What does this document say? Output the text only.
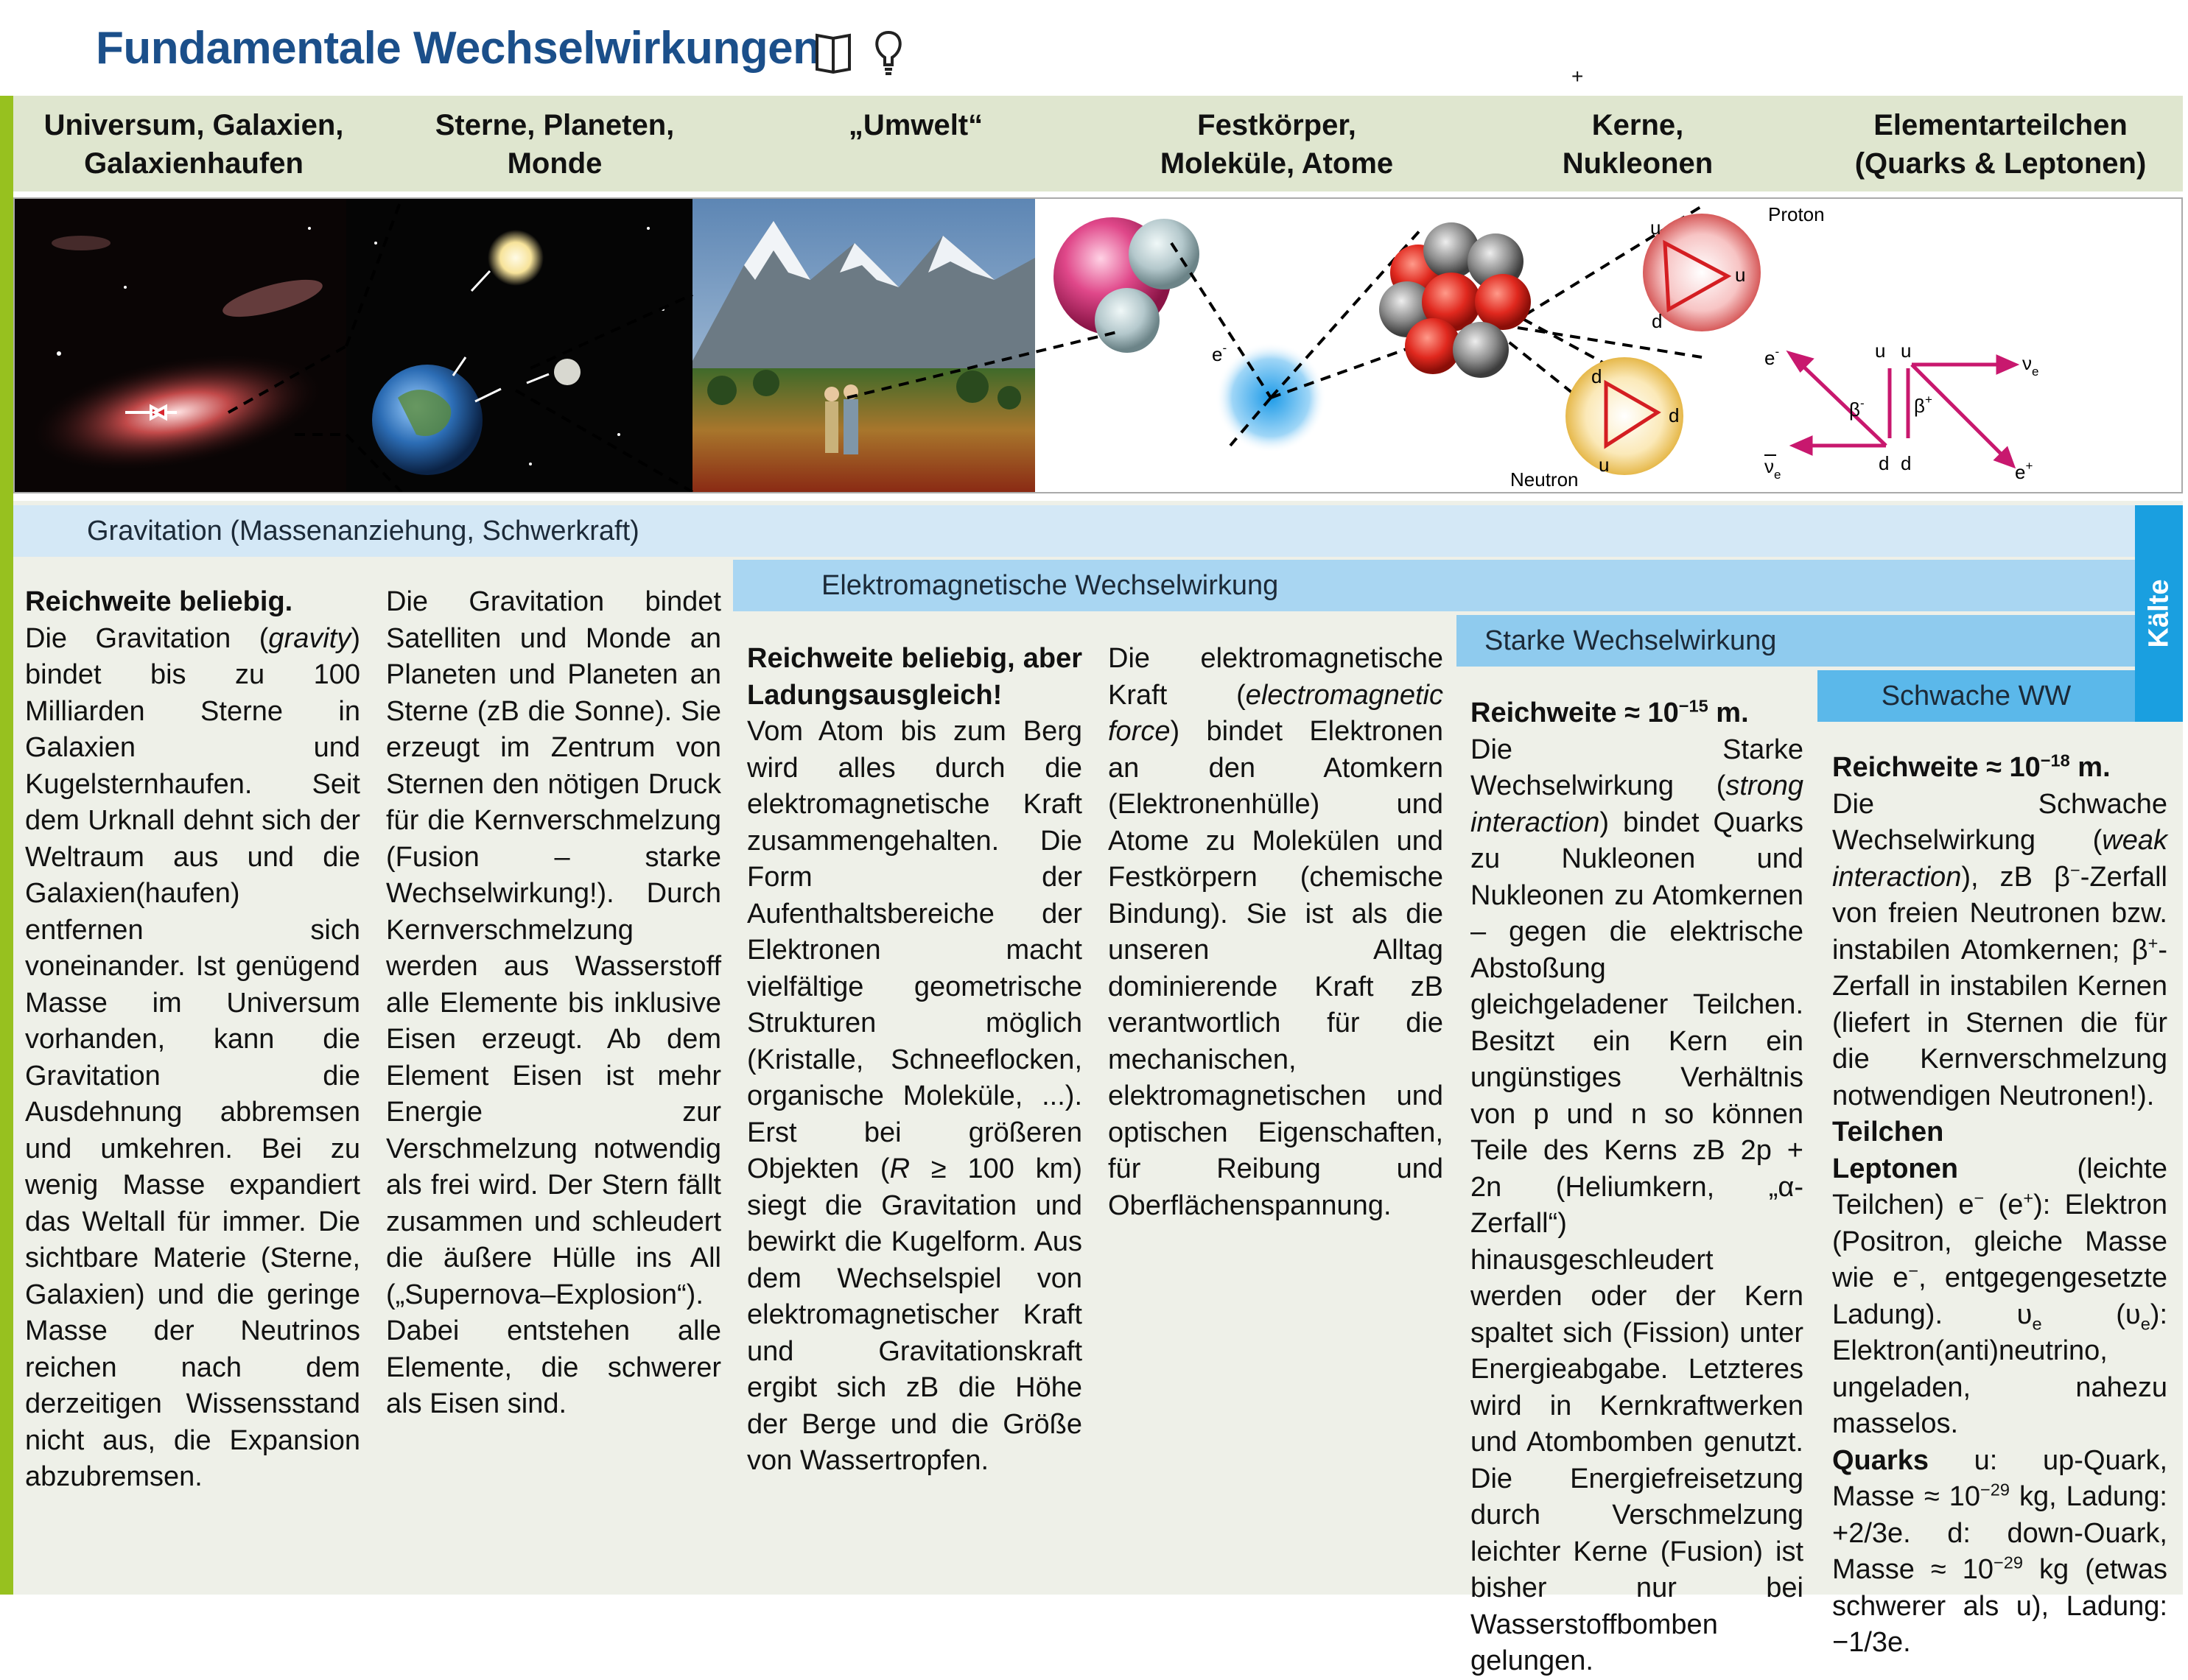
Fundamentale Wechselwirkungen
+
Universum, Galaxien,
Galaxienhaufen
Sterne, Planeten,
Monde
„Umwelt“	Festkörper,
Moleküle, Atome
Kerne,
Nukleonen
Elementarteilchen
(Quarks & Leptonen)
e-
u
u
d
Proton
d
d
u
Neutron
u u
d d
β-	β+
e-
$\nu_e$
$\nu_e$
e+
Gravitation (Massenanziehung, Schwerkraft)
Elektromagnetische Wechselwirkung
Starke Wechselwirkung
Schwache WW
Kälte

Reichweite beliebig.

Die Gravitation (gravity) bindet bis zu 100 Milliarden Sterne in Galaxien und Kugelsternhaufen. Seit dem Urknall dehnt sich der Weltraum aus und die Galaxien(haufen) entfernen sich voneinander. Ist genügend Masse im Universum vorhanden, kann die Gravitation die Ausdehnung abbremsen und umkehren. Bei zu wenig Masse expandiert das Weltall für immer. Die sichtbare Materie (Sterne, Galaxien) und die geringe Masse der Neutrinos reichen nach dem derzeitigen Wissensstand nicht aus, die Expansion abzubremsen.

Die Gravitation bindet Satelliten und Monde an Planeten und Planeten an Sterne (zB die Sonne). Sie erzeugt im Zentrum von Sternen den nötigen Druck für die Kernverschmelzung (Fusion – starke Wechselwirkung!). Durch Kernverschmelzung werden aus Wasserstoff alle Elemente bis inklusive Eisen erzeugt. Ab dem Element Eisen ist mehr Energie zur Verschmelzung notwendig als frei wird. Der Stern fällt zusammen und schleudert die äußere Hülle ins All („Supernova–Explosion“). Dabei entstehen alle Elemente, die schwerer als Eisen sind.

Reichweite beliebig, aber Ladungsausgleich!

Vom Atom bis zum Berg wird alles durch die elektromagnetische Kraft zusammengehalten. Die Form der Aufenthaltsbereiche der Elektronen macht vielfältige geometrische Strukturen möglich (Kristalle, Schneeflocken, organische Moleküle, ...). Erst bei größeren Objekten (R ≥ 100 km) siegt die Gravitation und bewirkt die Kugelform. Aus dem Wechselspiel von elektromagnetischer Kraft und Gravitationskraft ergibt sich zB die Höhe der Berge und die Größe von Wassertropfen.

Die elektromagnetische Kraft (electromagnetic force) bindet Elektronen an den Atomkern (Elektronenhülle) und Atome zu Molekülen und Festkörpern (chemische Bindung). Sie ist als die unseren Alltag dominierende Kraft zB verantwortlich für die mechanischen, elektromagnetischen und optischen Eigenschaften, für Reibung und Oberflächenspannung.

Reichweite ≈ $10^{-15}$ m.

Die Starke Wechselwirkung (strong interaction) bindet Quarks zu Nukleonen und Nukleonen zu Atomkernen – gegen die elektrische Abstoßung gleichgeladener Teilchen. Besitzt ein Kern ein ungünstiges Verhältnis von p und n so können Teile des Kerns zB 2p + 2n (Heliumkern, „α-Zerfall“) hinausgeschleudert werden oder der Kern spaltet sich (Fission) unter Energieabgabe. Letzteres wird in Kernkraftwerken und Atombomben genutzt. Die Energiefreisetzung durch Verschmelzung leichter Kerne (Fusion) ist bisher nur bei Wasserstoffbomben gelungen.

Reichweite ≈ $10^{-18}$ m.

Die Schwache Wechselwirkung (weak interaction), zB β−-Zerfall von freien Neutronen bzw. instabilen Atomkernen; β+-Zerfall in instabilen Kernen (liefert in Sternen die für die Kernverschmelzung notwendigen Neutronen!).

Teilchen

Leptonen (leichte Teilchen) e− (e+): Elektron (Positron, gleiche Masse wie e−, entgegengesetzte Ladung). $\upsilon_e$ $(\upsilon_e)$: Elektron(anti)neutrino, ungeladen, nahezu masselos.

Quarks u: up-Quark, Masse ≈ $10^{-29}$ kg, Ladung: +2/3e. d: down-Ouark, Masse ≈ $10^{-29}$ kg (etwas schwerer als u), Ladung: −1/3e.
